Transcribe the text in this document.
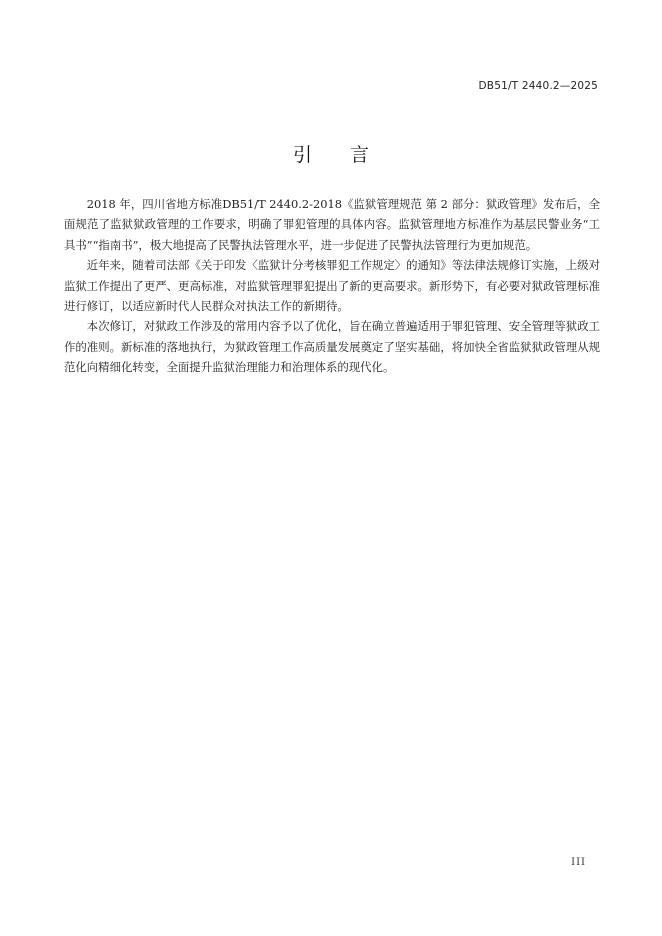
DB51/T 2440.2—2025
引 言

2018 年，四川省地方标准DB51/T 2440.2-2018《监狱管理规范 第 2 部分：狱政管理》发布后，全面规范了监狱狱政管理的工作要求，明确了罪犯管理的具体内容。监狱管理地方标准作为基层民警业务“工具书”“指南书”，极大地提高了民警执法管理水平，进一步促进了民警执法管理行为更加规范。

近年来，随着司法部《关于印发〈监狱计分考核罪犯工作规定〉的通知》等法律法规修订实施，上级对监狱工作提出了更严、更高标准，对监狱管理罪犯提出了新的更高要求。新形势下，有必要对狱政管理标准进行修订，以适应新时代人民群众对执法工作的新期待。

本次修订，对狱政工作涉及的常用内容予以了优化，旨在确立普遍适用于罪犯管理、安全管理等狱政工作的准则。新标准的落地执行，为狱政管理工作高质量发展奠定了坚实基础，将加快全省监狱狱政管理从规范化向精细化转变，全面提升监狱治理能力和治理体系的现代化。

III
